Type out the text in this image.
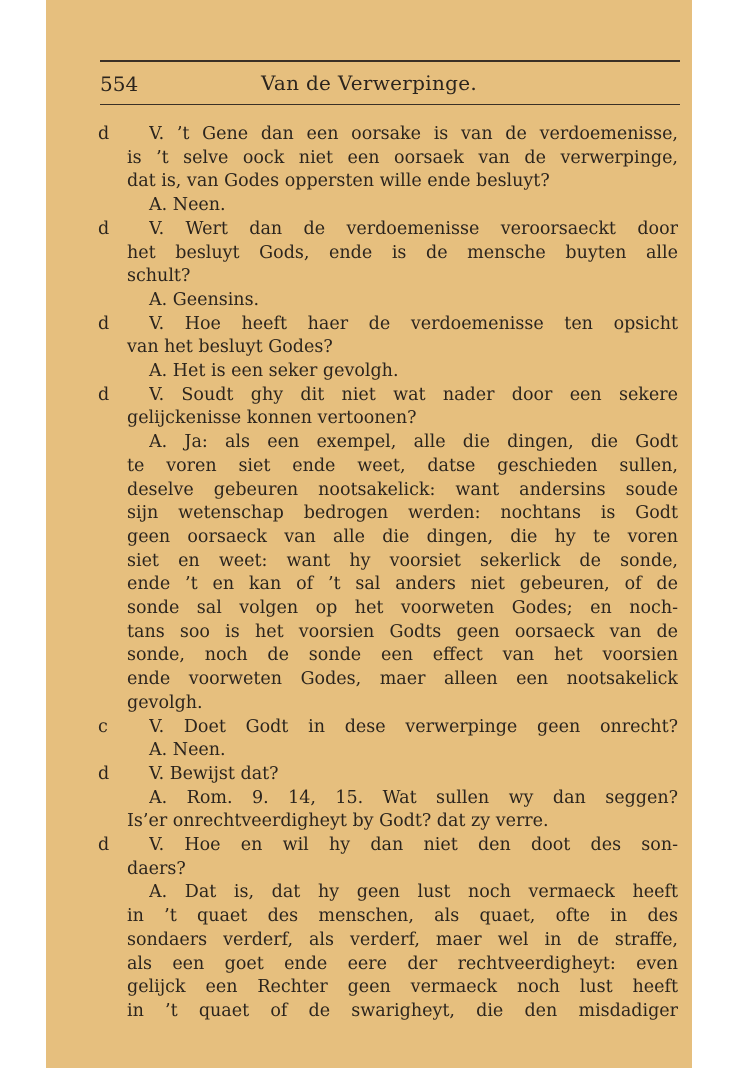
554	Van de Verwerpinge.

d V. ’t Gene dan een oorsake is van de verdoemenisse,
is ’t selve oock niet een oorsaek van de verwerpinge,
dat is, van Godes oppersten wille ende besluyt?
A. Neen.
d V. Wert dan de verdoemenisse veroorsaeckt door
het besluyt Gods, ende is de mensche buyten alle
schult?
A. Geensins.
d V. Hoe heeft haer de verdoemenisse ten opsicht
van het besluyt Godes?
A. Het is een seker gevolgh.
d V. Soudt ghy dit niet wat nader door een sekere
gelijckenisse konnen vertoonen?
A. Ja: als een exempel, alle die dingen, die Godt
te voren siet ende weet, datse geschieden sullen,
deselve gebeuren nootsakelick: want andersins soude
sijn wetenschap bedrogen werden: nochtans is Godt
geen oorsaeck van alle die dingen, die hy te voren
siet en weet: want hy voorsiet sekerlick de sonde,
ende ’t en kan of ’t sal anders niet gebeuren, of de
sonde sal volgen op het voorweten Godes; en noch-
tans soo is het voorsien Godts geen oorsaeck van de
sonde, noch de sonde een effect van het voorsien
ende voorweten Godes, maer alleen een nootsakelick
gevolgh.
c V. Doet Godt in dese verwerpinge geen onrecht?
A. Neen.
d V. Bewijst dat?
A. Rom. 9. 14, 15. Wat sullen wy dan seggen?
Is’er onrechtveerdigheyt by Godt? dat zy verre.
d V. Hoe en wil hy dan niet den doot des son-
daers?
A. Dat is, dat hy geen lust noch vermaeck heeft
in ’t quaet des menschen, als quaet, ofte in des
sondaers verderf, als verderf, maer wel in de straffe,
als een goet ende eere der rechtveerdigheyt: even
gelijck een Rechter geen vermaeck noch lust heeft
in ’t quaet of de swarigheyt, die den misdadiger
